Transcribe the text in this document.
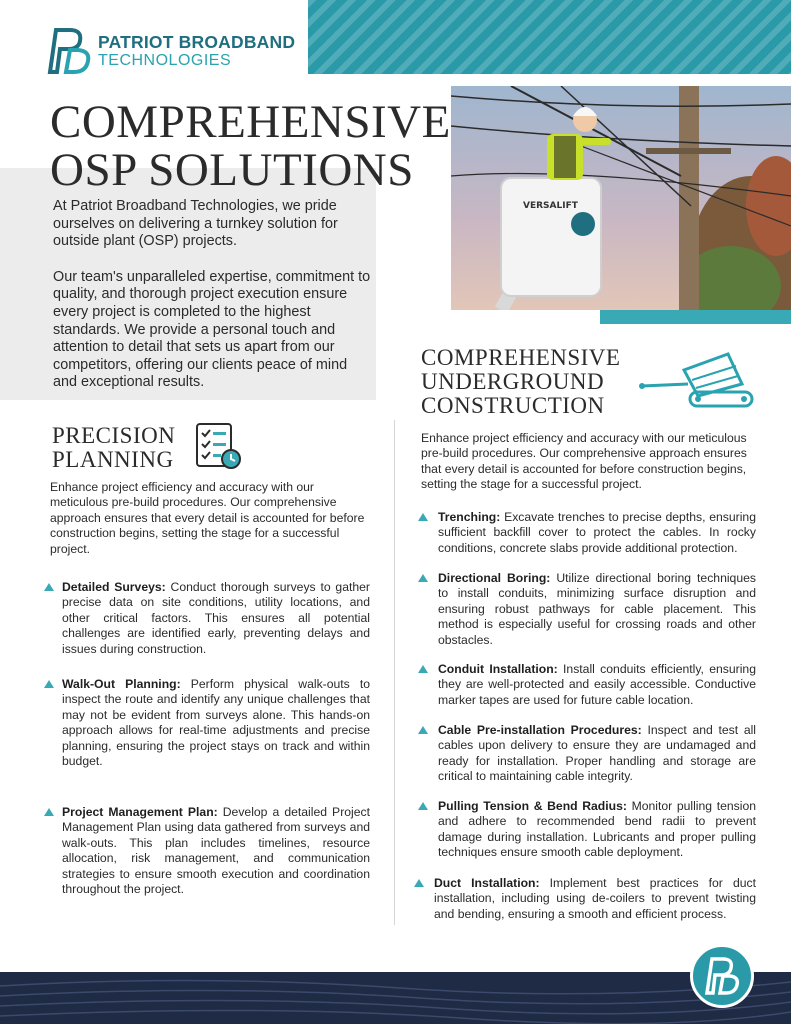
PATRIOT BROADBAND
TECHNOLOGIES
COMPREHENSIVE
OSP SOLUTIONS

At Patriot Broadband Technologies, we pride ourselves on delivering a turnkey solution for outside plant (OSP) projects.

Our team's unparalleled expertise, commitment to quality, and thorough project execution ensure every project is completed to the highest standards. We provide a personal touch and attention to detail that sets us apart from our competitors, offering our clients peace of mind and exceptional results.

VERSALIFT
PRECISION
PLANNING
Enhance project efficiency and accuracy with our meticulous pre-build procedures. Our comprehensive approach ensures that every detail is accounted for before construction begins, setting the stage for a successful project.
Detailed Surveys: Conduct thorough surveys to gather precise data on site conditions, utility locations, and other critical factors. This ensures all potential challenges are identified early, preventing delays and issues during construction.
Walk-Out Planning: Perform physical walk-outs to inspect the route and identify any unique challenges that may not be evident from surveys alone. This hands-on approach allows for real-time adjustments and precise planning, ensuring the project stays on track and within budget.
Project Management Plan: Develop a detailed Project Management Plan using data gathered from surveys and walk-outs. This plan includes timelines, resource allocation, risk management, and communication strategies to ensure smooth execution and coordination throughout the project.
COMPREHENSIVE
UNDERGROUND
CONSTRUCTION
Enhance project efficiency and accuracy with our meticulous pre-build procedures. Our comprehensive approach ensures that every detail is accounted for before construction begins, setting the stage for a successful project.
Trenching: Excavate trenches to precise depths, ensuring sufficient backfill cover to protect the cables. In rocky conditions, concrete slabs provide additional protection.
Directional Boring: Utilize directional boring techniques to install conduits, minimizing surface disruption and ensuring robust pathways for cable placement. This method is especially useful for crossing roads and other obstacles.
Conduit Installation: Install conduits efficiently, ensuring they are well-protected and easily accessible. Conductive marker tapes are used for future cable location.
Cable Pre-installation Procedures: Inspect and test all cables upon delivery to ensure they are undamaged and ready for installation. Proper handling and storage are critical to maintaining cable integrity.
Pulling Tension & Bend Radius: Monitor pulling tension and adhere to recommended bend radii to prevent damage during installation. Lubricants and proper pulling techniques ensure smooth cable deployment.
Duct Installation: Implement best practices for duct installation, including using de-coilers to prevent twisting and bending, ensuring a smooth and efficient process.
